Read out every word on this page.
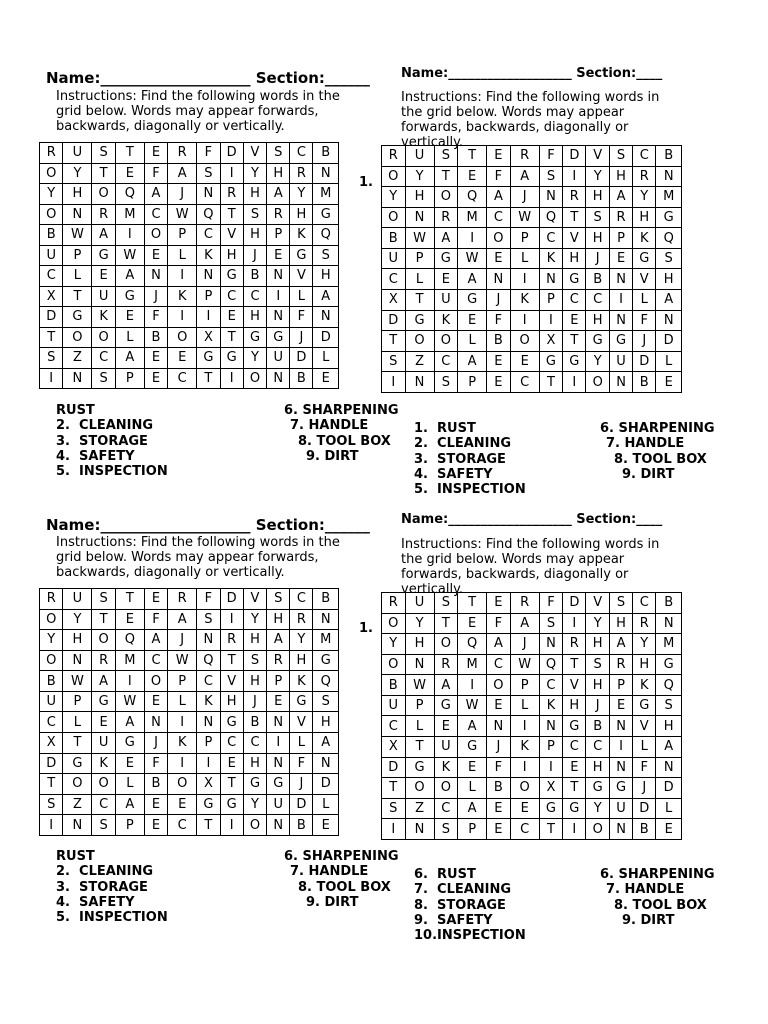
Name:____________________ Section:______
Instructions: Find the following words in the grid below. Words may appear forwards, backwards, diagonally or vertically.
R	U	S	T	E	R	F	D	V	S	C	B
O	Y	T	E	F	A	S	I	Y	H	R	N
Y	H	O	Q	A	J	N	R	H	A	Y	M
O	N	R	M	C	W	Q	T	S	R	H	G
B	W	A	I	O	P	C	V	H	P	K	Q
U	P	G	W	E	L	K	H	J	E	G	S
C	L	E	A	N	I	N	G	B	N	V	H
X	T	U	G	J	K	P	C	C	I	L	A
D	G	K	E	F	I	I	E	H	N	F	N
T	O	O	L	B	O	X	T	G	G	J	D
S	Z	C	A	E	E	G	G	Y	U	D	L
I	N	S	P	E	C	T	I	O	N	B	E
RUST	6. SHARPENING
2.  CLEANING	7. HANDLE
3.  STORAGE	8. TOOL BOX
4.  SAFETY	9. DIRT
5.  INSPECTION
Name:___________________ Section:____
Instructions: Find the following words in the grid below. Words may appear forwards, backwards, diagonally or vertically.
1.
R	U	S	T	E	R	F	D	V	S	C	B
O	Y	T	E	F	A	S	I	Y	H	R	N
Y	H	O	Q	A	J	N	R	H	A	Y	M
O	N	R	M	C	W	Q	T	S	R	H	G
B	W	A	I	O	P	C	V	H	P	K	Q
U	P	G	W	E	L	K	H	J	E	G	S
C	L	E	A	N	I	N	G	B	N	V	H
X	T	U	G	J	K	P	C	C	I	L	A
D	G	K	E	F	I	I	E	H	N	F	N
T	O	O	L	B	O	X	T	G	G	J	D
S	Z	C	A	E	E	G	G	Y	U	D	L
I	N	S	P	E	C	T	I	O	N	B	E
1.  RUST	6. SHARPENING
2.  CLEANING	7. HANDLE
3.  STORAGE	8. TOOL BOX
4.  SAFETY	9. DIRT
5.  INSPECTION
Name:____________________ Section:______
Instructions: Find the following words in the grid below. Words may appear forwards, backwards, diagonally or vertically.
R	U	S	T	E	R	F	D	V	S	C	B
O	Y	T	E	F	A	S	I	Y	H	R	N
Y	H	O	Q	A	J	N	R	H	A	Y	M
O	N	R	M	C	W	Q	T	S	R	H	G
B	W	A	I	O	P	C	V	H	P	K	Q
U	P	G	W	E	L	K	H	J	E	G	S
C	L	E	A	N	I	N	G	B	N	V	H
X	T	U	G	J	K	P	C	C	I	L	A
D	G	K	E	F	I	I	E	H	N	F	N
T	O	O	L	B	O	X	T	G	G	J	D
S	Z	C	A	E	E	G	G	Y	U	D	L
I	N	S	P	E	C	T	I	O	N	B	E
RUST	6. SHARPENING
2.  CLEANING	7. HANDLE
3.  STORAGE	8. TOOL BOX
4.  SAFETY	9. DIRT
5.  INSPECTION
Name:___________________ Section:____
Instructions: Find the following words in the grid below. Words may appear forwards, backwards, diagonally or vertically.
1.
R	U	S	T	E	R	F	D	V	S	C	B
O	Y	T	E	F	A	S	I	Y	H	R	N
Y	H	O	Q	A	J	N	R	H	A	Y	M
O	N	R	M	C	W	Q	T	S	R	H	G
B	W	A	I	O	P	C	V	H	P	K	Q
U	P	G	W	E	L	K	H	J	E	G	S
C	L	E	A	N	I	N	G	B	N	V	H
X	T	U	G	J	K	P	C	C	I	L	A
D	G	K	E	F	I	I	E	H	N	F	N
T	O	O	L	B	O	X	T	G	G	J	D
S	Z	C	A	E	E	G	G	Y	U	D	L
I	N	S	P	E	C	T	I	O	N	B	E
6.  RUST	6. SHARPENING
7.  CLEANING	7. HANDLE
8.  STORAGE	8. TOOL BOX
9.  SAFETY	9. DIRT
10.INSPECTION
